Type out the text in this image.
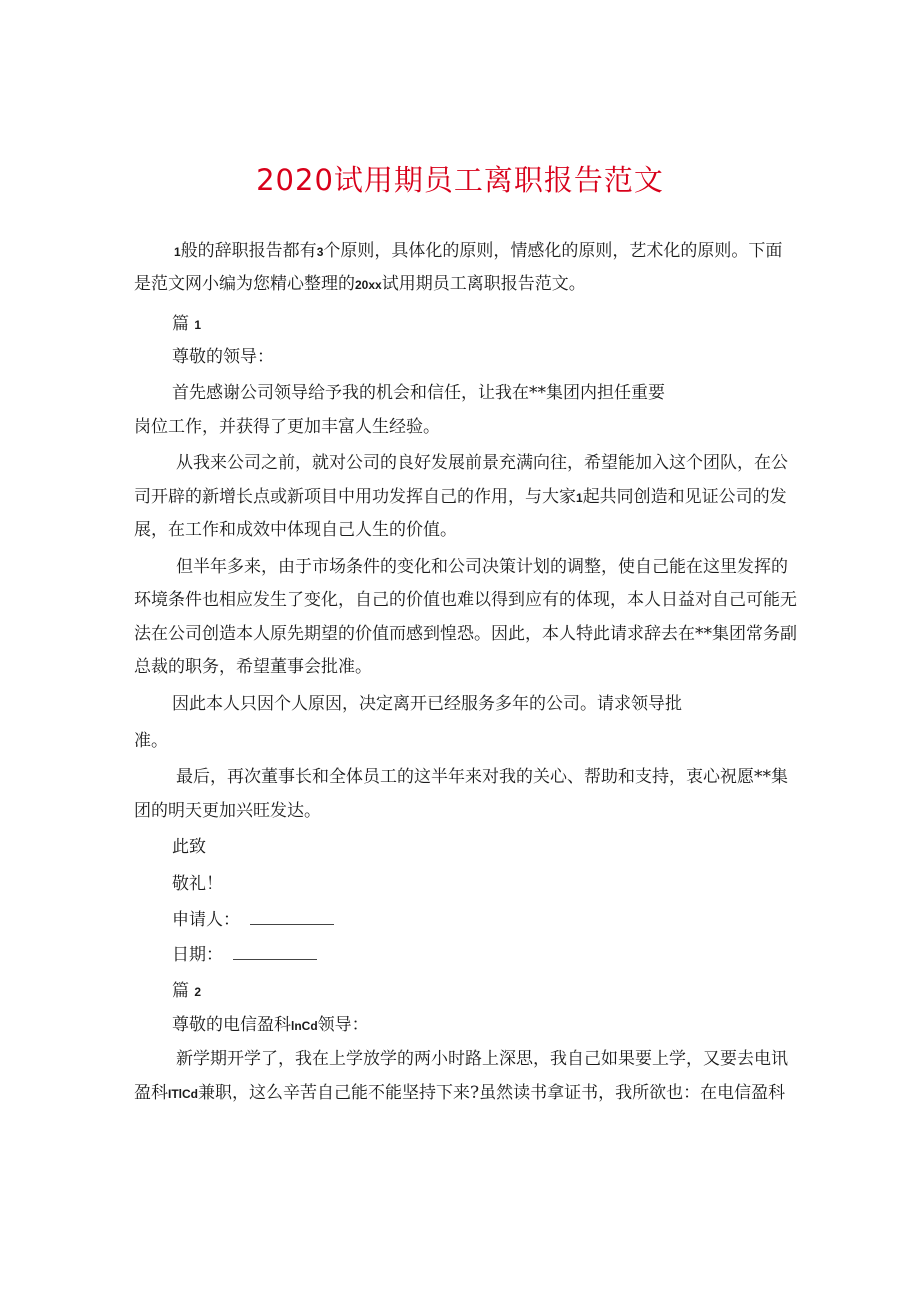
2020试用期员工离职报告范文
1般的辞职报告都有3个原则，具体化的原则，情感化的原则，艺术化的原则。下面
是范文网小编为您精心整理的20xx试用期员工离职报告范文。
篇 1
尊敬的领导：
首先感谢公司领导给予我的机会和信任，让我在**集团内担任重要
岗位工作，并获得了更加丰富人生经验。
从我来公司之前，就对公司的良好发展前景充满向往，希望能加入这个团队，在公
司开辟的新增长点或新项目中用功发挥自己的作用，与大家1起共同创造和见证公司的发
展，在工作和成效中体现自己人生的价值。
但半年多来，由于市场条件的变化和公司决策计划的调整，使自己能在这里发挥的
环境条件也相应发生了变化，自己的价值也难以得到应有的体现，本人日益对自己可能无
法在公司创造本人原先期望的价值而感到惶恐。因此，本人特此请求辞去在**集团常务副
总裁的职务，希望董事会批准。
因此本人只因个人原因，决定离开已经服务多年的公司。请求领导批
准。
最后，再次董事长和全体员工的这半年来对我的关心、帮助和支持，衷心祝愿**集
团的明天更加兴旺发达。
此致
敬礼！
申请人：
日期：
篇 2
尊敬的电信盈科lnCd领导：
新学期开学了，我在上学放学的两小时路上深思，我自己如果要上学，又要去电讯
盈科ITlCd兼职，这么辛苦自己能不能坚持下来?虽然读书拿证书，我所欲也：在电信盈科
